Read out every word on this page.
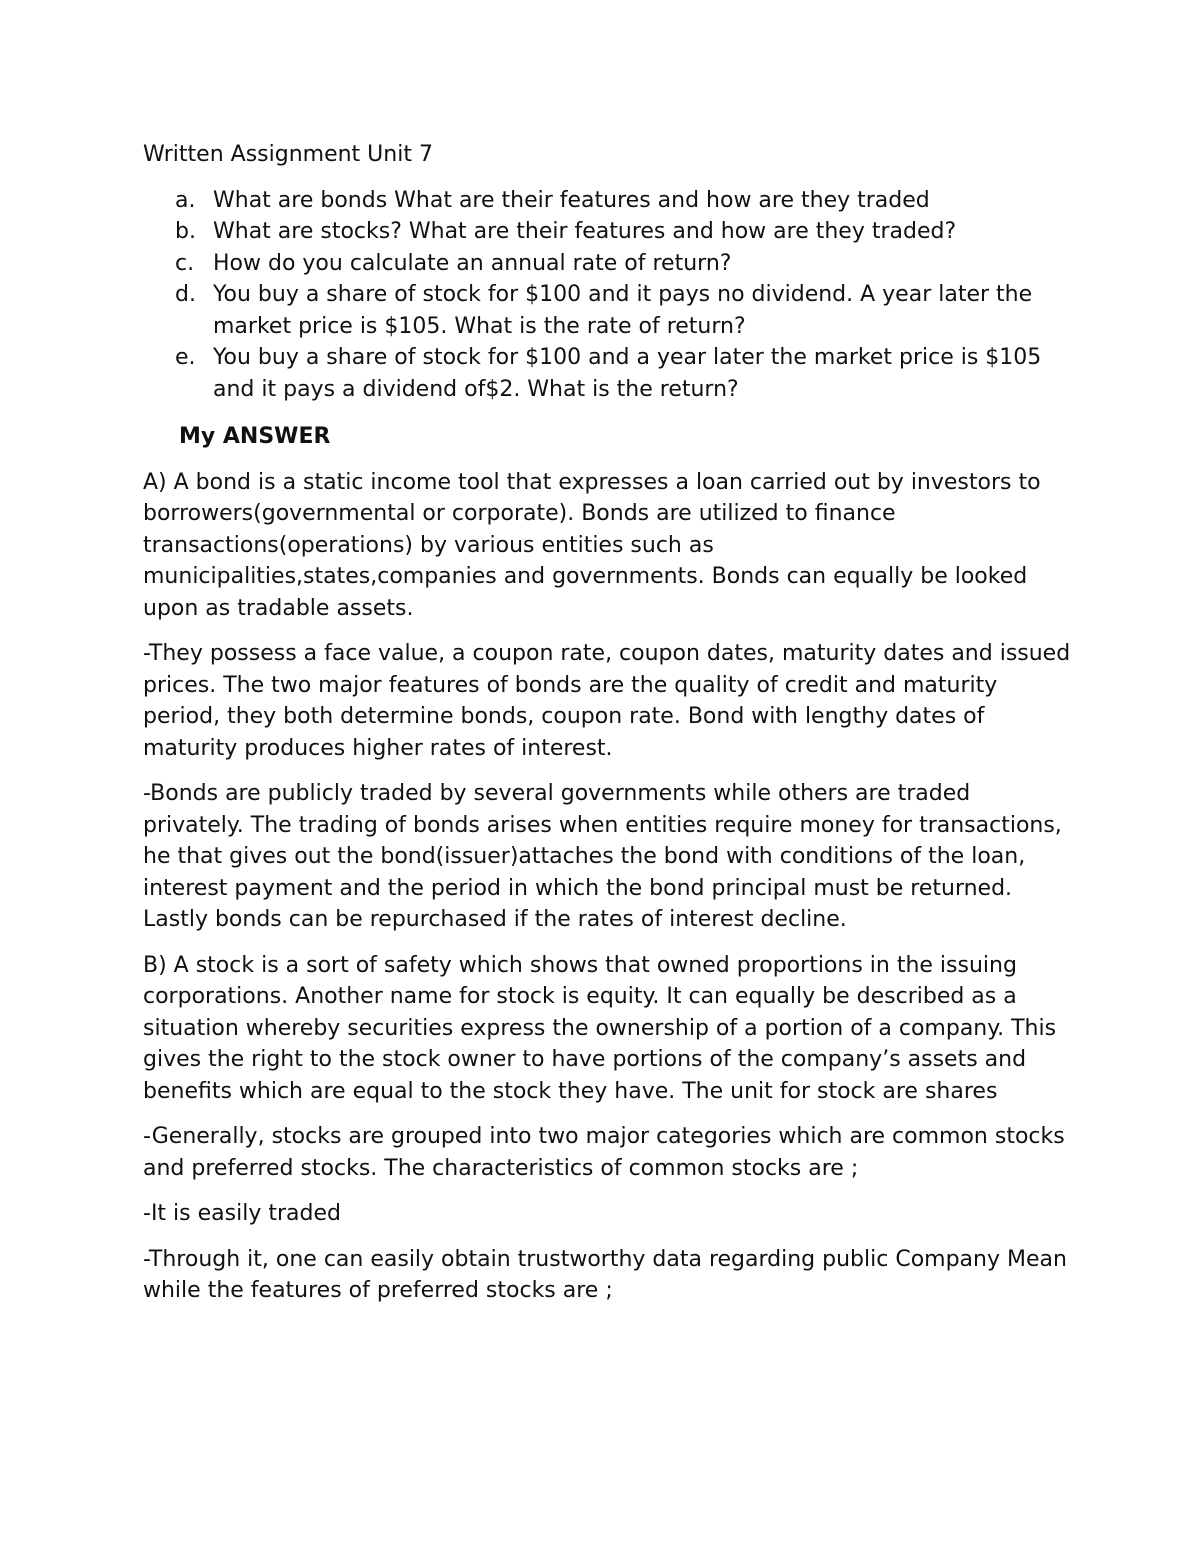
Written Assignment Unit 7

a. What are bonds What are their features and how are they traded
b. What are stocks? What are their features and how are they traded?
c. How do you calculate an annual rate of return?
d. You buy a share of stock for $100 and it pays no dividend. A year later the market price is $105. What is the rate of return?
e. You buy a share of stock for $100 and a year later the market price is $105 and it pays a dividend of$2. What is the return?

My ANSWER

A) A bond is a static income tool that expresses a loan carried out by investors to borrowers(governmental or corporate). Bonds are utilized to finance transactions(operations) by various entities such as municipalities,states,companies and governments. Bonds can equally be looked upon as tradable assets.

-They possess a face value, a coupon rate, coupon dates, maturity dates and issued prices. The two major features of bonds are the quality of credit and maturity period, they both determine bonds, coupon rate. Bond with lengthy dates of maturity produces higher rates of interest.

-Bonds are publicly traded by several governments while others are traded privately. The trading of bonds arises when entities require money for transactions, he that gives out the bond(issuer)attaches the bond with conditions of the loan, interest payment and the period in which the bond principal must be returned. Lastly bonds can be repurchased if the rates of interest decline.

B) A stock is a sort of safety which shows that owned proportions in the issuing corporations. Another name for stock is equity. It can equally be described as a situation whereby securities express the ownership of a portion of a company. This gives the right to the stock owner to have portions of the company’s assets and benefits which are equal to the stock they have. The unit for stock are shares

-Generally, stocks are grouped into two major categories which are common stocks and preferred stocks. The characteristics of common stocks are ;

-It is easily traded

-Through it, one can easily obtain trustworthy data regarding public Company Mean while the features of preferred stocks are ;
